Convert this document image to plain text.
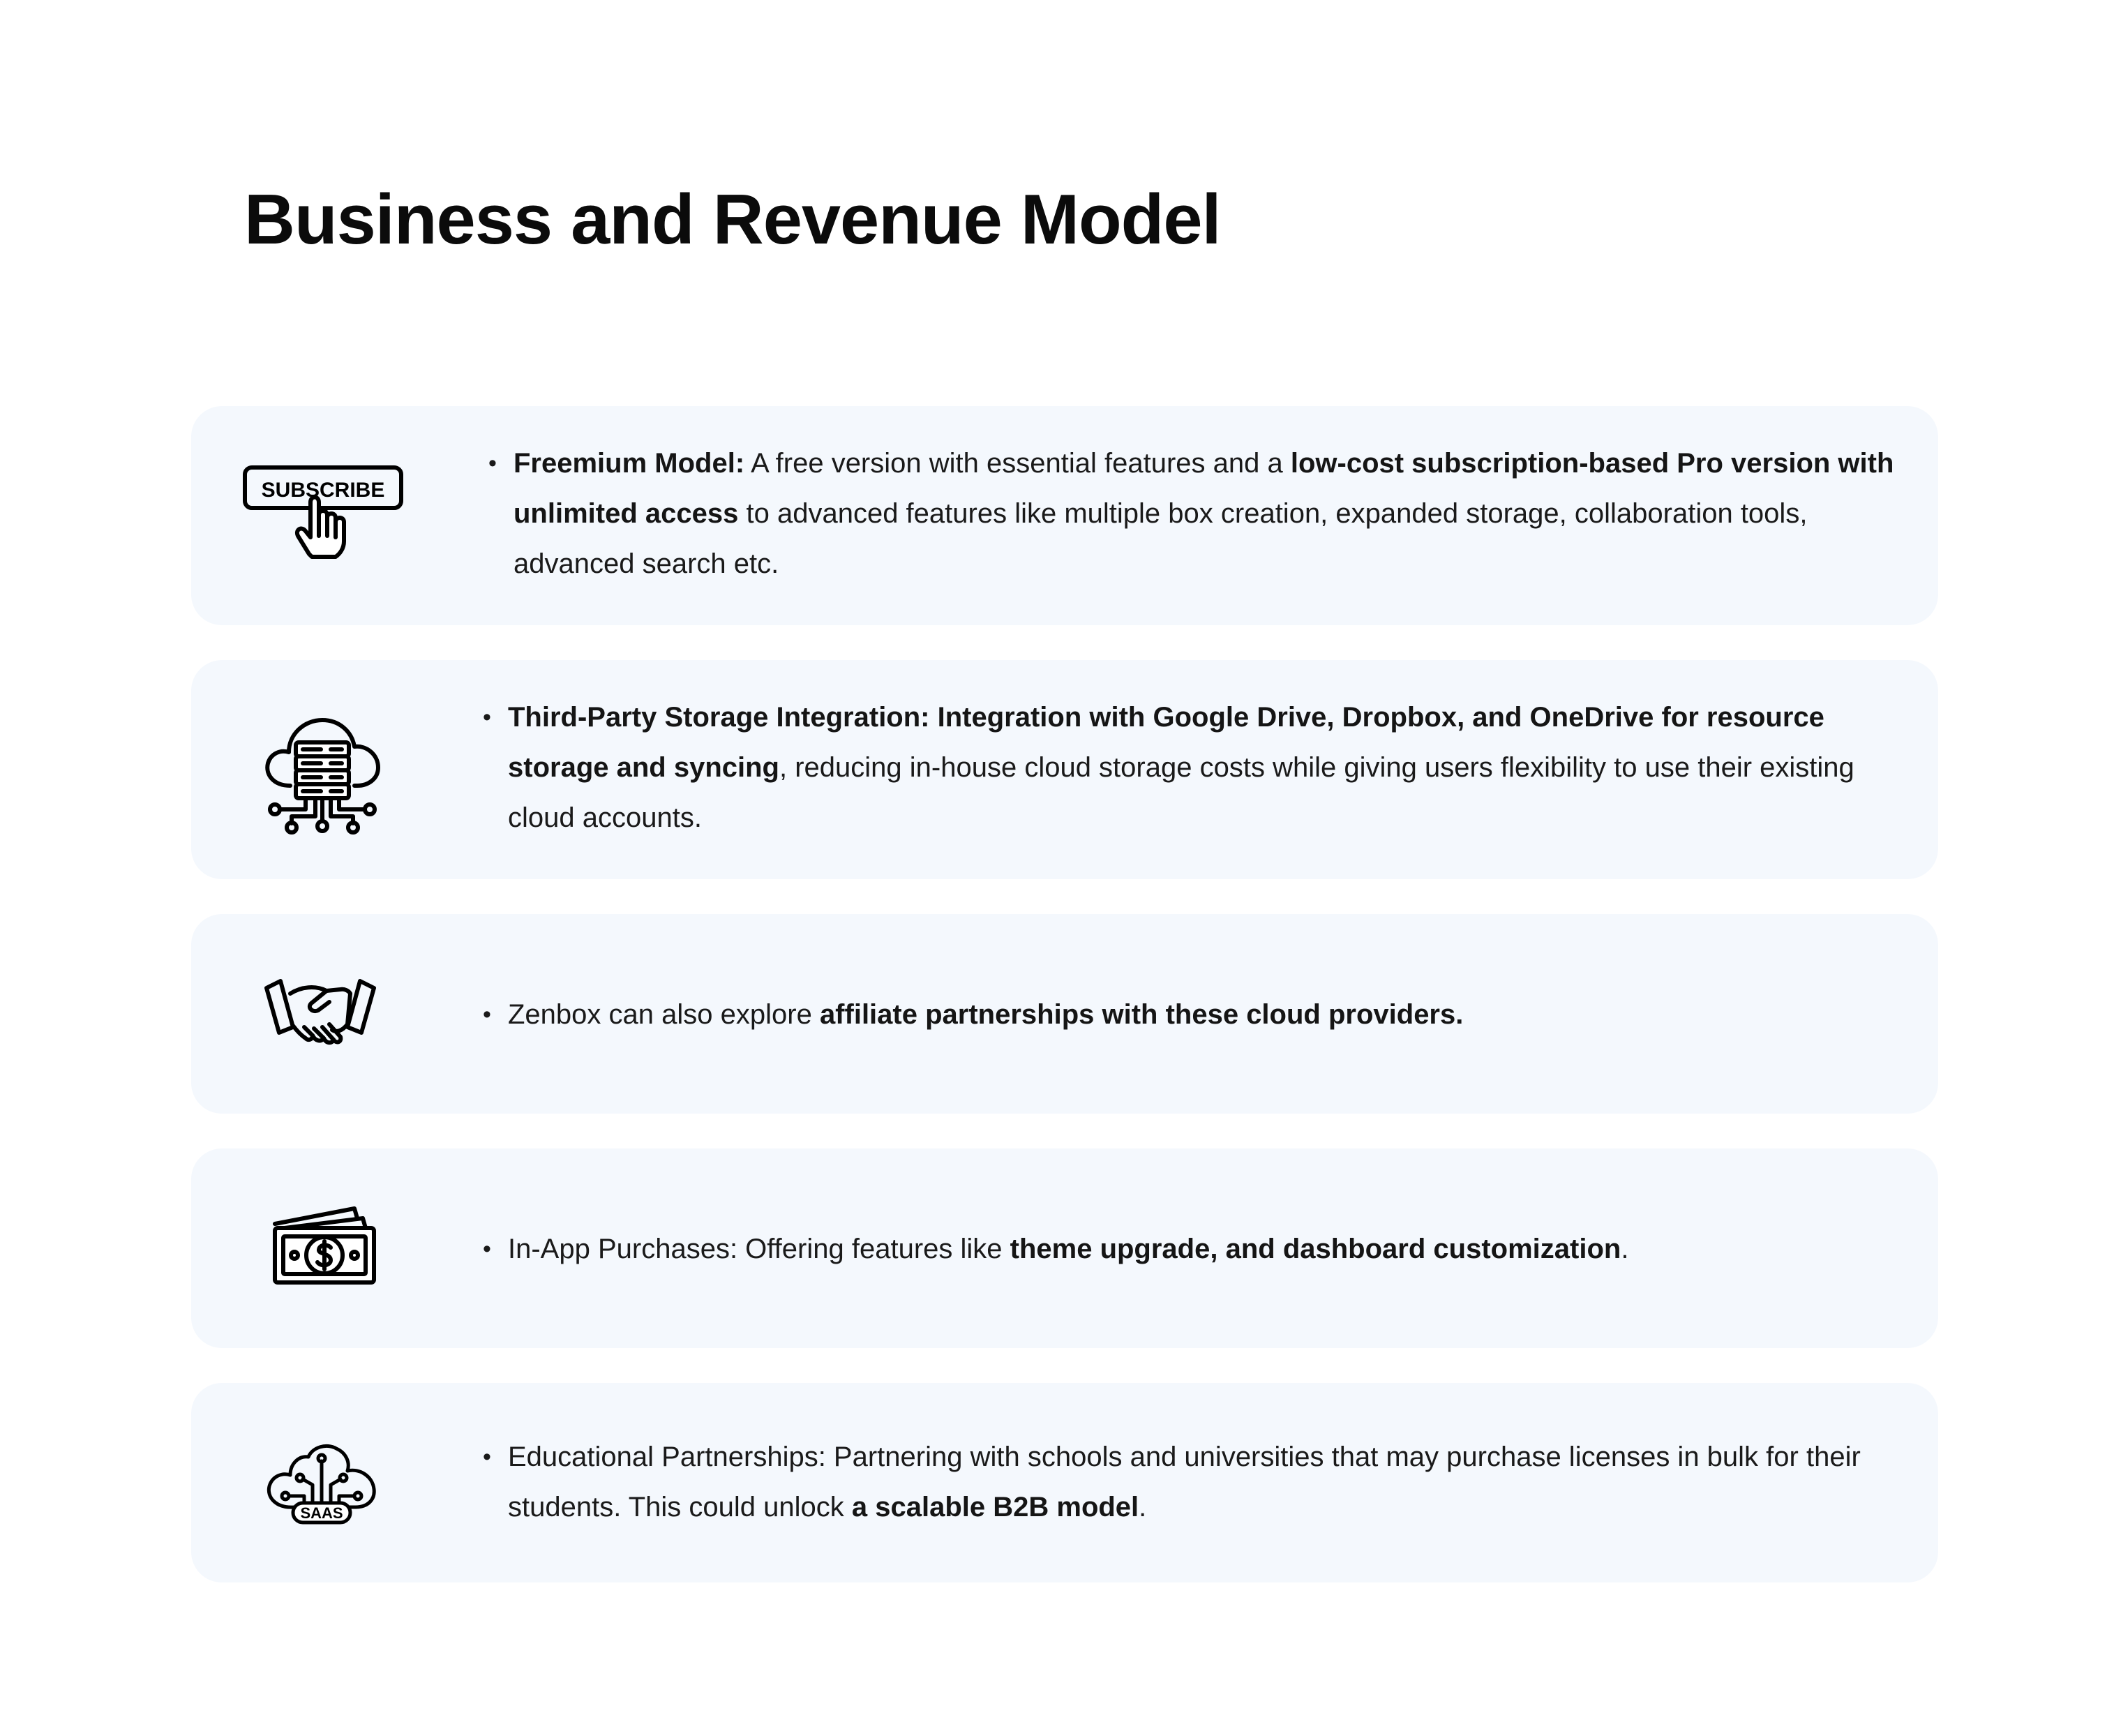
Business and Revenue Model
SUBSCRIBE
• Freemium Model: A free version with essential features and a low-cost subscription-based Pro version with unlimited access to advanced features like multiple box creation, expanded storage, collaboration tools, advanced search etc.
• Third-Party Storage Integration: Integration with Google Drive, Dropbox, and OneDrive for resource storage and syncing, reducing in-house cloud storage costs while giving users flexibility to use their existing cloud accounts.
• Zenbox can also explore affiliate partnerships with these cloud providers.
• In-App Purchases: Offering features like theme upgrade, and dashboard customization.
SAAS
• Educational Partnerships: Partnering with schools and universities that may purchase licenses in bulk for their students. This could unlock a scalable B2B model.
